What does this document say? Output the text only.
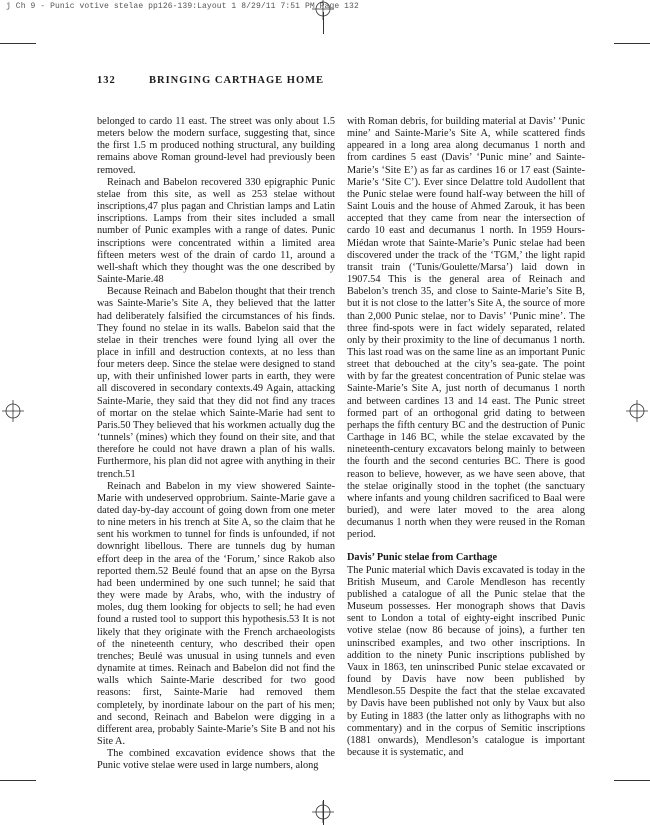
j Ch 9 - Punic votive stelae pp126-139:Layout 1 8/29/11 7:51 PM Page 132
132	BRINGING CARTHAGE HOME

belonged to cardo 11 east. The street was only about 1.5 meters below the modern surface, suggesting that, since the first 1.5 m produced nothing structural, any building remains above Roman ground-level had previously been removed.

Reinach and Babelon recovered 330 epigraphic Punic stelae from this site, as well as 253 stelae without inscriptions,47 plus pagan and Christian lamps and Latin inscriptions. Lamps from their sites included a small number of Punic examples with a range of dates. Punic inscriptions were concentrated within a limited area fifteen meters west of the drain of cardo 11, around a well-shaft which they thought was the one described by Sainte-Marie.48

Because Reinach and Babelon thought that their trench was Sainte-Marie’s Site A, they believed that the latter had deliberately falsified the circumstances of his finds. They found no stelae in its walls. Babelon said that the stelae in their trenches were found lying all over the place in infill and destruction contexts, at no less than four meters deep. Since the stelae were designed to stand up, with their unfinished lower parts in earth, they were all discovered in secondary contexts.49 Again, attacking Sainte-Marie, they said that they did not find any traces of mortar on the stelae which Sainte-Marie had sent to Paris.50 They believed that his workmen actually dug the ‘tunnels’ (mines) which they found on their site, and that therefore he could not have drawn a plan of his walls. Furthermore, his plan did not agree with anything in their trench.51

Reinach and Babelon in my view showered Sainte-Marie with undeserved opprobrium. Sainte-Marie gave a dated day-by-day account of going down from one meter to nine meters in his trench at Site A, so the claim that he sent his workmen to tunnel for finds is unfounded, if not downright libellous. There are tunnels dug by human effort deep in the area of the ‘Forum,’ since Rakob also reported them.52 Beulé found that an apse on the Byrsa had been undermined by one such tunnel; he said that they were made by Arabs, who, with the industry of moles, dug them looking for objects to sell; he had even found a rusted tool to support this hypothesis.53 It is not likely that they originate with the French archaeologists of the nineteenth century, who described their open trenches; Beulé was unusual in using tunnels and even dynamite at times. Reinach and Babelon did not find the walls which Sainte-Marie described for two good reasons: first, Sainte-Marie had removed them completely, by inordinate labour on the part of his men; and second, Reinach and Babelon were digging in a different area, probably Sainte-Marie’s Site B and not his Site A.

The combined excavation evidence shows that the Punic votive stelae were used in large numbers, along

with Roman debris, for building material at Davis’ ‘Punic mine’ and Sainte-Marie’s Site A, while scattered finds appeared in a long area along decumanus 1 north and from cardines 5 east (Davis’ ‘Punic mine’ and Sainte-Marie’s ‘Site E’) as far as cardines 16 or 17 east (Sainte-Marie’s ‘Site C’). Ever since Delattre told Audollent that the Punic stelae were found half-way between the hill of Saint Louis and the house of Ahmed Zarouk, it has been accepted that they came from near the intersection of cardo 10 east and decumanus 1 north. In 1959 Hours-Miédan wrote that Sainte-Marie’s Punic stelae had been discovered under the track of the ‘TGM,’ the light rapid transit train (‘Tunis/Goulette/Marsa’) laid down in 1907.54 This is the general area of Reinach and Babelon’s trench 35, and close to Sainte-Marie’s Site B, but it is not close to the latter’s Site A, the source of more than 2,000 Punic stelae, nor to Davis’ ‘Punic mine’. The three find-spots were in fact widely separated, related only by their proximity to the line of decumanus 1 north. This last road was on the same line as an important Punic street that debouched at the city’s sea-gate. The point with by far the greatest concentration of Punic stelae was Sainte-Marie’s Site A, just north of decumanus 1 north and between cardines 13 and 14 east. The Punic street formed part of an orthogonal grid dating to between perhaps the fifth century BC and the destruction of Punic Carthage in 146 BC, while the stelae excavated by the nineteenth-century excavators belong mainly to between the fourth and the second centuries BC. There is good reason to believe, however, as we have seen above, that the stelae originally stood in the tophet (the sanctuary where infants and young children sacrificed to Baal were buried), and were later moved to the area along decumanus 1 north when they were reused in the Roman period.

Davis’ Punic stelae from Carthage

The Punic material which Davis excavated is today in the British Museum, and Carole Mendleson has recently published a catalogue of all the Punic stelae that the Museum possesses. Her monograph shows that Davis sent to London a total of eighty-eight inscribed Punic votive stelae (now 86 because of joins), a further ten uninscribed examples, and two other inscriptions. In addition to the ninety Punic inscriptions published by Vaux in 1863, ten uninscribed Punic stelae excavated or found by Davis have now been published by Mendleson.55 Despite the fact that the stelae excavated by Davis have been published not only by Vaux but also by Euting in 1883 (the latter only as lithographs with no commentary) and in the corpus of Semitic inscriptions (1881 onwards), Mendleson’s catalogue is important because it is systematic, and
